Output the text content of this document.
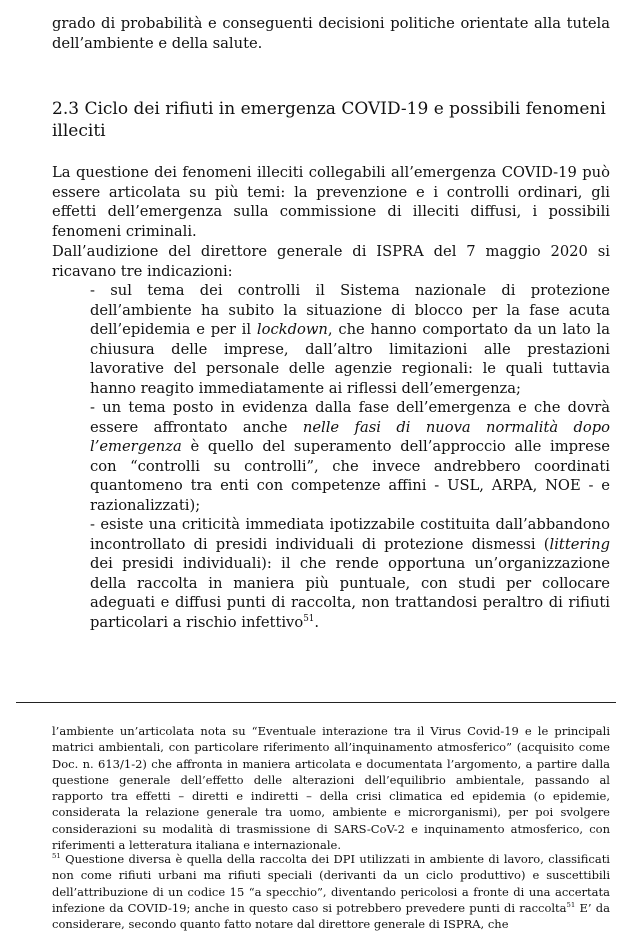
grado di probabilità e conseguenti decisioni politiche orientate alla tutela dell’ambiente e della salute.

2.3 Ciclo dei rifiuti in emergenza COVID-19 e possibili fenomeni illeciti

La questione dei fenomeni illeciti collegabili all’emergenza COVID-19 può essere articolata su più temi: la prevenzione e i controlli ordinari, gli effetti dell’emergenza sulla commissione di illeciti diffusi, i possibili fenomeni criminali.

Dall’audizione del direttore generale di ISPRA del 7 maggio 2020 si ricavano tre indicazioni:

- sul tema dei controlli il Sistema nazionale di protezione dell’ambiente ha subito la situazione di blocco per la fase acuta dell’epidemia e per il lockdown, che hanno comportato da un lato la chiusura delle imprese, dall’altro limitazioni alle prestazioni lavorative del personale delle agenzie regionali: le quali tuttavia hanno reagito immediatamente ai riflessi dell’emergenza;
- un tema posto in evidenza dalla fase dell’emergenza e che dovrà essere affrontato anche nelle fasi di nuova normalità dopo l’emergenza è quello del superamento dell’approccio alle imprese con “controlli su controlli”, che invece andrebbero coordinati quantomeno tra enti con competenze affini - USL, ARPA, NOE - e razionalizzati);
- esiste una criticità immediata ipotizzabile costituita dall’abbandono incontrollato di presidi individuali di protezione dismessi (littering dei presidi individuali): il che rende opportuna un’organizzazione della raccolta in maniera più puntuale, con studi per collocare adeguati e diffusi punti di raccolta, non trattandosi peraltro di rifiuti particolari a rischio infettivo$^{51}$.

l’ambiente un’articolata nota su “Eventuale interazione tra il Virus Covid-19 e le principali matrici ambientali, con particolare riferimento all’inquinamento atmosferico” (acquisito come Doc. n. 613/1-2) che affronta in maniera articolata e documentata l’argomento, a partire dalla questione generale dell’effetto delle alterazioni dell’equilibrio ambientale, passando al rapporto tra effetti – diretti e indiretti – della crisi climatica ed epidemia (o epidemie, considerata la relazione generale tra uomo, ambiente e microrganismi), per poi svolgere considerazioni su modalità di trasmissione di SARS-CoV-2 e inquinamento atmosferico, con riferimenti a letteratura italiana e internazionale.

$^{51}$ Questione diversa è quella della raccolta dei DPI utilizzati in ambiente di lavoro, classificati non come rifiuti urbani ma rifiuti speciali (derivanti da un ciclo produttivo) e suscettibili dell’attribuzione di un codice 15 “a specchio”, diventando pericolosi a fronte di una accertata infezione da COVID-19; anche in questo caso si potrebbero prevedere punti di raccolta$^{51}$ E’ da considerare, secondo quanto fatto notare dal direttore generale di ISPRA, che
